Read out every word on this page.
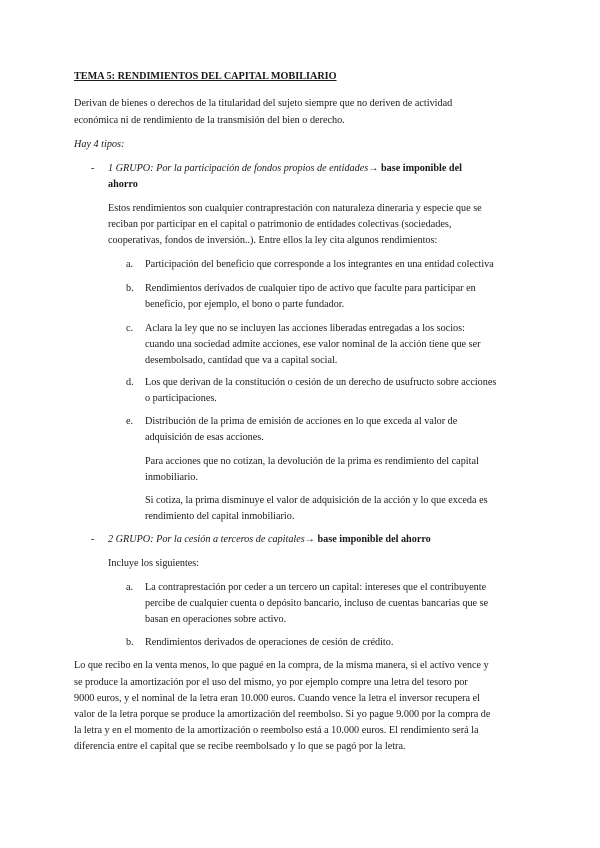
TEMA 5: RENDIMIENTOS DEL CAPITAL MOBILIARIO
Derivan de bienes o derechos de la titularidad del sujeto siempre que no deriven de actividad
económica ni de rendimiento de la transmisión del bien o derecho.
Hay 4 tipos:
- 1 GRUPO: Por la participación de fondos propios de entidades→ base imponible del
ahorro
Estos rendimientos son cualquier contraprestación con naturaleza dineraria y especie que se
reciban por participar en el capital o patrimonio de entidades colectivas (sociedades,
cooperativas, fondos de inversión..). Entre ellos la ley cita algunos rendimientos:
a. Participación del beneficio que corresponde a los integrantes en una entidad colectiva
b. Rendimientos derivados de cualquier tipo de activo que faculte para participar en
beneficio, por ejemplo, el bono o parte fundador.
c. Aclara la ley que no se incluyen las acciones liberadas entregadas a los socios:
cuando una sociedad admite acciones, ese valor nominal de la acción tiene que ser
desembolsado, cantidad que va a capital social.
d. Los que derivan de la constitución o cesión de un derecho de usufructo sobre acciones
o participaciones.
e. Distribución de la prima de emisión de acciones en lo que exceda al valor de
adquisición de esas acciones.
Para acciones que no cotizan, la devolución de la prima es rendimiento del capital
inmobiliario.
Si cotiza, la prima disminuye el valor de adquisición de la acción y lo que exceda es
rendimiento del capital inmobiliario.
- 2 GRUPO: Por la cesión a terceros de capitales→ base imponible del ahorro
Incluye los siguientes:
a. La contraprestación por ceder a un tercero un capital: intereses que el contribuyente
percibe de cualquier cuenta o depósito bancario, incluso de cuentas bancarias que se
basan en operaciones sobre activo.
b. Rendimientos derivados de operaciones de cesión de crédito.
Lo que recibo en la venta menos, lo que pagué en la compra, de la misma manera, si el activo vence y
se produce la amortización por el uso del mismo, yo por ejemplo compre una letra del tesoro por
9000 euros, y el nominal de la letra eran 10.000 euros. Cuando vence la letra el inversor recupera el
valor de la letra porque se produce la amortización del reembolso. Si yo pague 9.000 por la compra de
la letra y en el momento de la amortización o reembolso está a 10.000 euros. El rendimiento será la
diferencia entre el capital que se recibe reembolsado y lo que se pagó por la letra.
